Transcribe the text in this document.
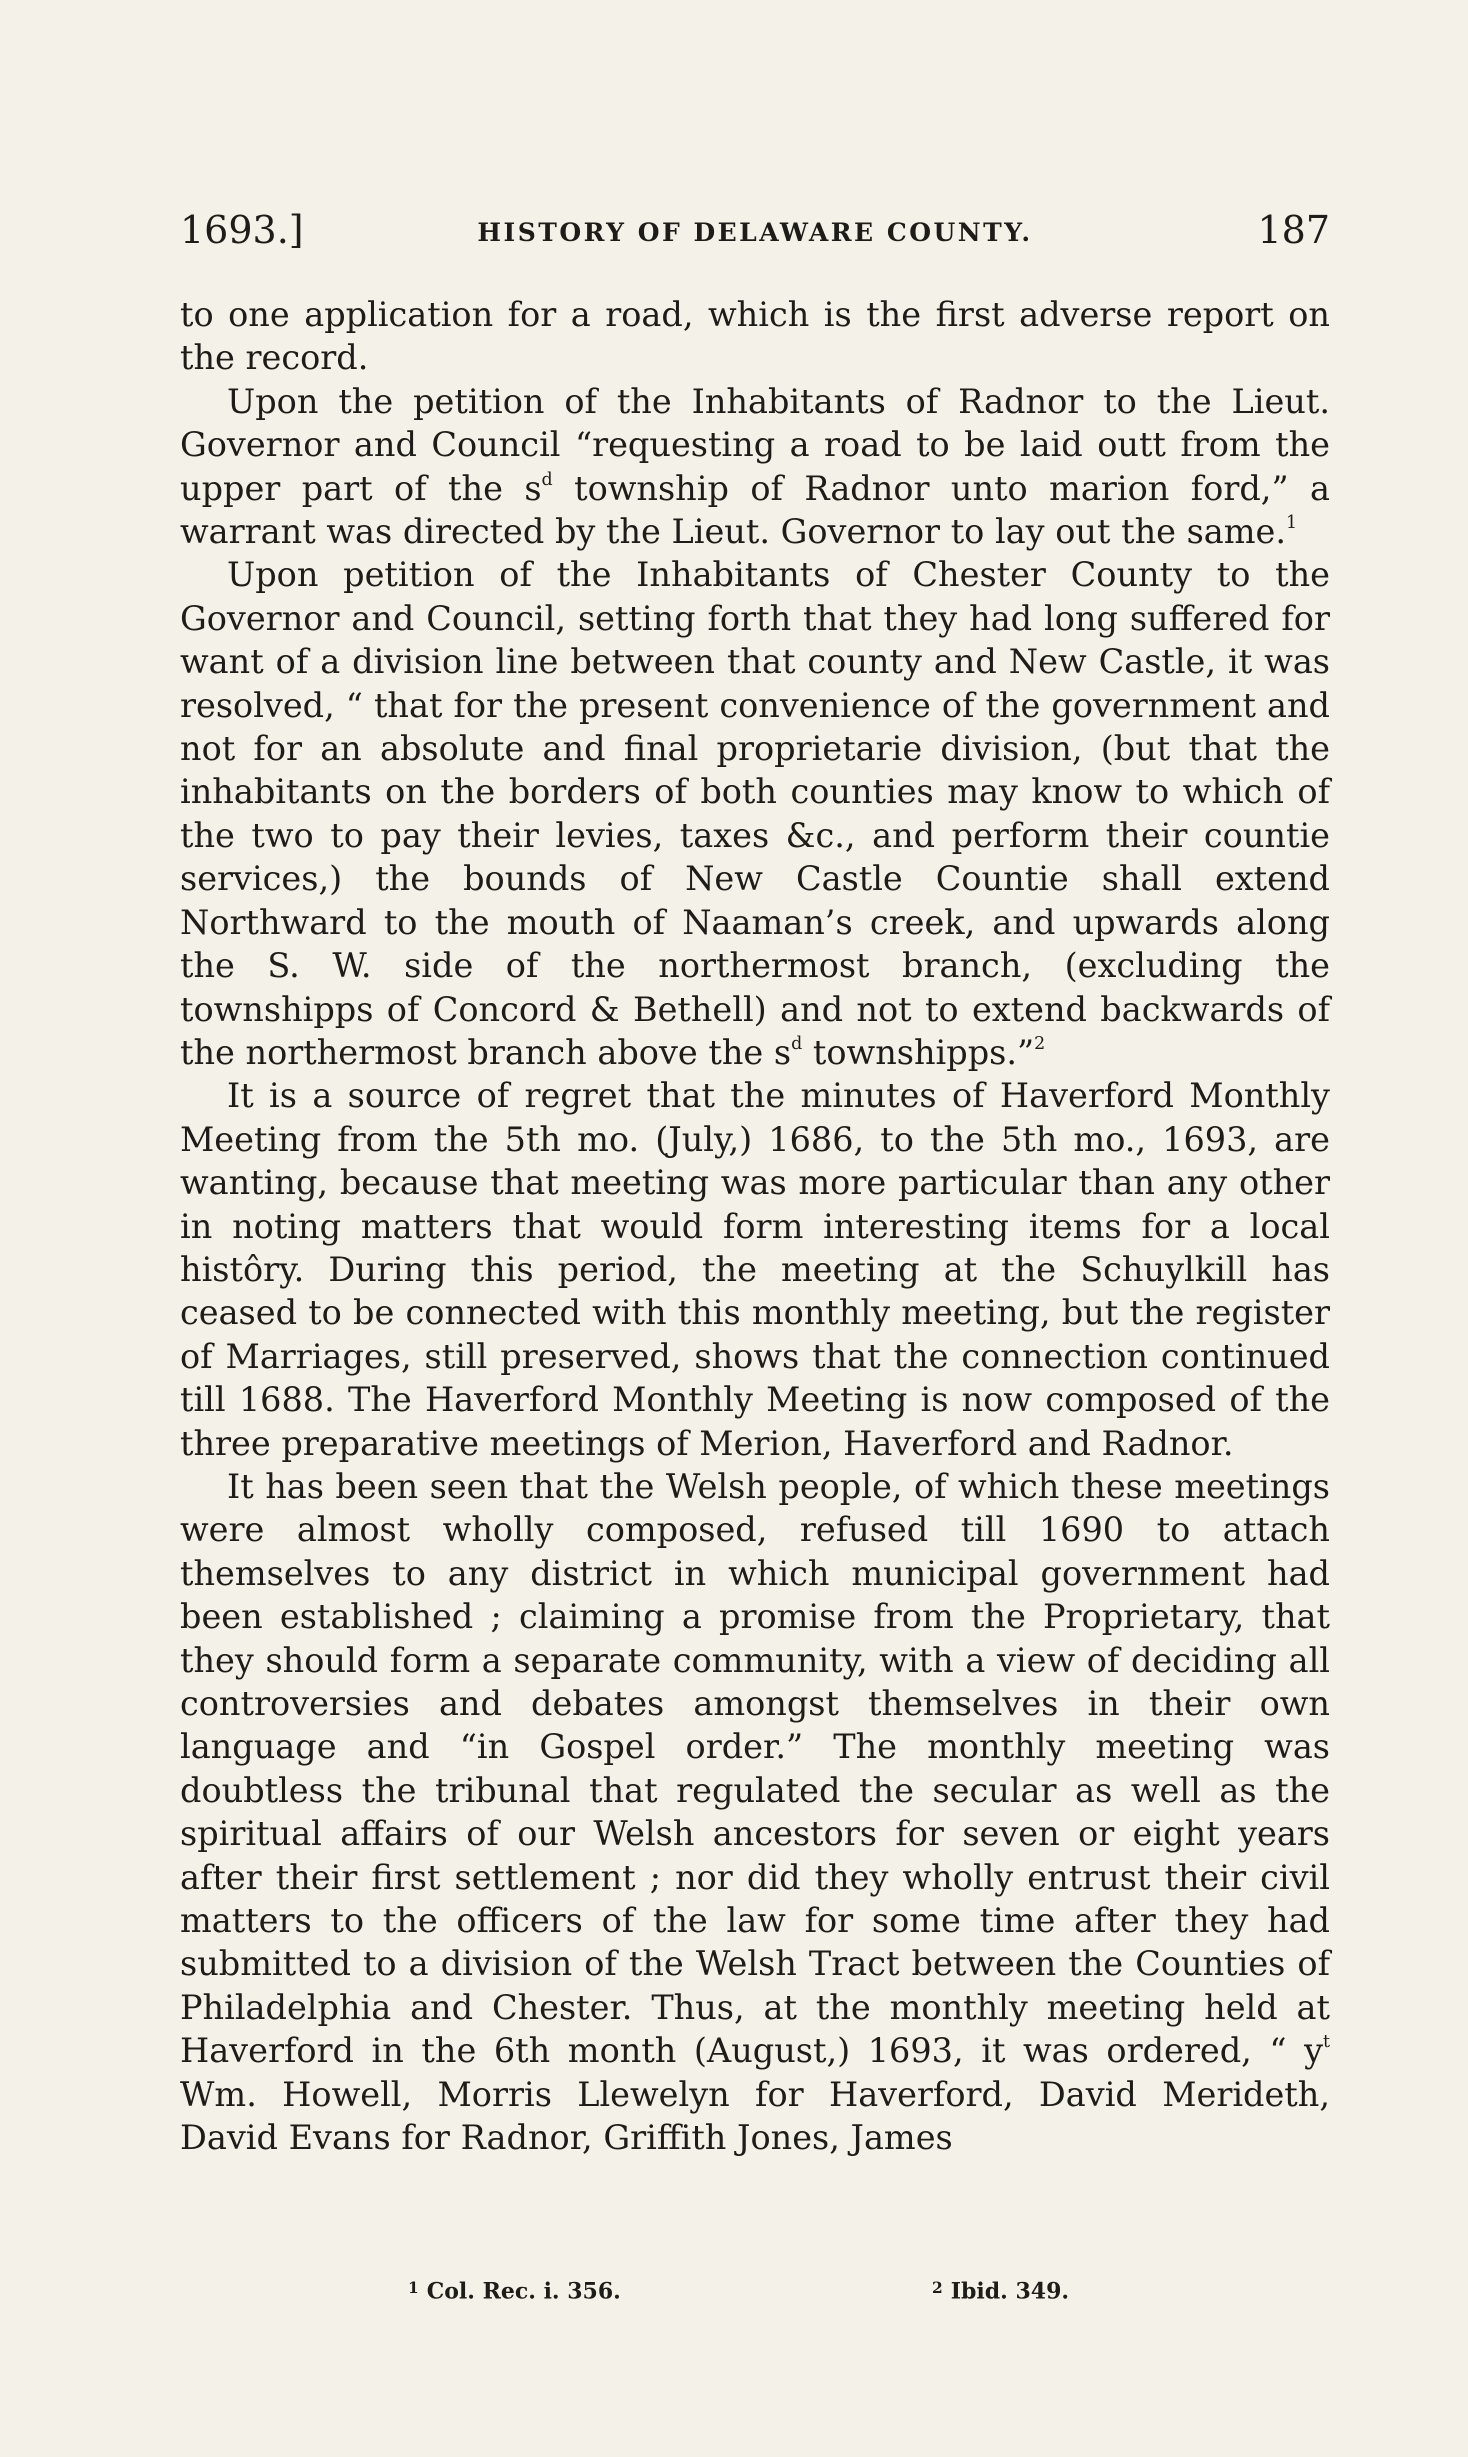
1693.]	HISTORY OF DELAWARE COUNTY.	187

to one application for a road, which is the first adverse report on the record.

Upon the petition of the Inhabitants of Radnor to the Lieut. Governor and Council “requesting a road to be laid outt from the upper part of the $s^d$ township of Radnor unto marion ford,” a warrant was directed by the Lieut. Governor to lay out the same.$^1$

Upon petition of the Inhabitants of Chester County to the Governor and Council, setting forth that they had long suffered for want of a division line between that county and New Castle, it was resolved, “ that for the present convenience of the government and not for an absolute and final proprietarie division, (but that the inhabitants on the borders of both counties may know to which of the two to pay their levies, taxes &c., and perform their countie services,) the bounds of New Castle Countie shall extend Northward to the mouth of Naaman’s creek, and upwards along the S. W. side of the northermost branch, (excluding the townshipps of Concord & Bethell) and not to extend backwards of the northermost branch above the $s^d$ townshipps.”$^2$

It is a source of regret that the minutes of Haverford Monthly Meeting from the 5th mo. (July,) 1686, to the 5th mo., 1693, are wanting, because that meeting was more particular than any other in noting matters that would form interesting items for a local histôry. During this period, the meeting at the Schuylkill has ceased to be connected with this monthly meeting, but the register of Marriages, still preserved, shows that the connection continued till 1688. The Haverford Monthly Meeting is now composed of the three preparative meetings of Merion, Haverford and Radnor.

It has been seen that the Welsh people, of which these meetings were almost wholly composed, refused till 1690 to attach themselves to any district in which municipal government had been established ; claiming a promise from the Proprietary, that they should form a separate community, with a view of deciding all controversies and debates amongst themselves in their own language and “in Gospel order.” The monthly meeting was doubtless the tribunal that regulated the secular as well as the spiritual affairs of our Welsh ancestors for seven or eight years after their first settlement ; nor did they wholly entrust their civil matters to the officers of the law for some time after they had submitted to a division of the Welsh Tract between the Counties of Philadelphia and Chester. Thus, at the monthly meeting held at Haverford in the 6th month (August,) 1693, it was ordered, “ $y^t$ Wm. Howell, Morris Llewelyn for Haverford, David Merideth, David Evans for Radnor, Griffith Jones, James

$^1$ Col. Rec. i. 356.	$^2$ Ibid. 349.
